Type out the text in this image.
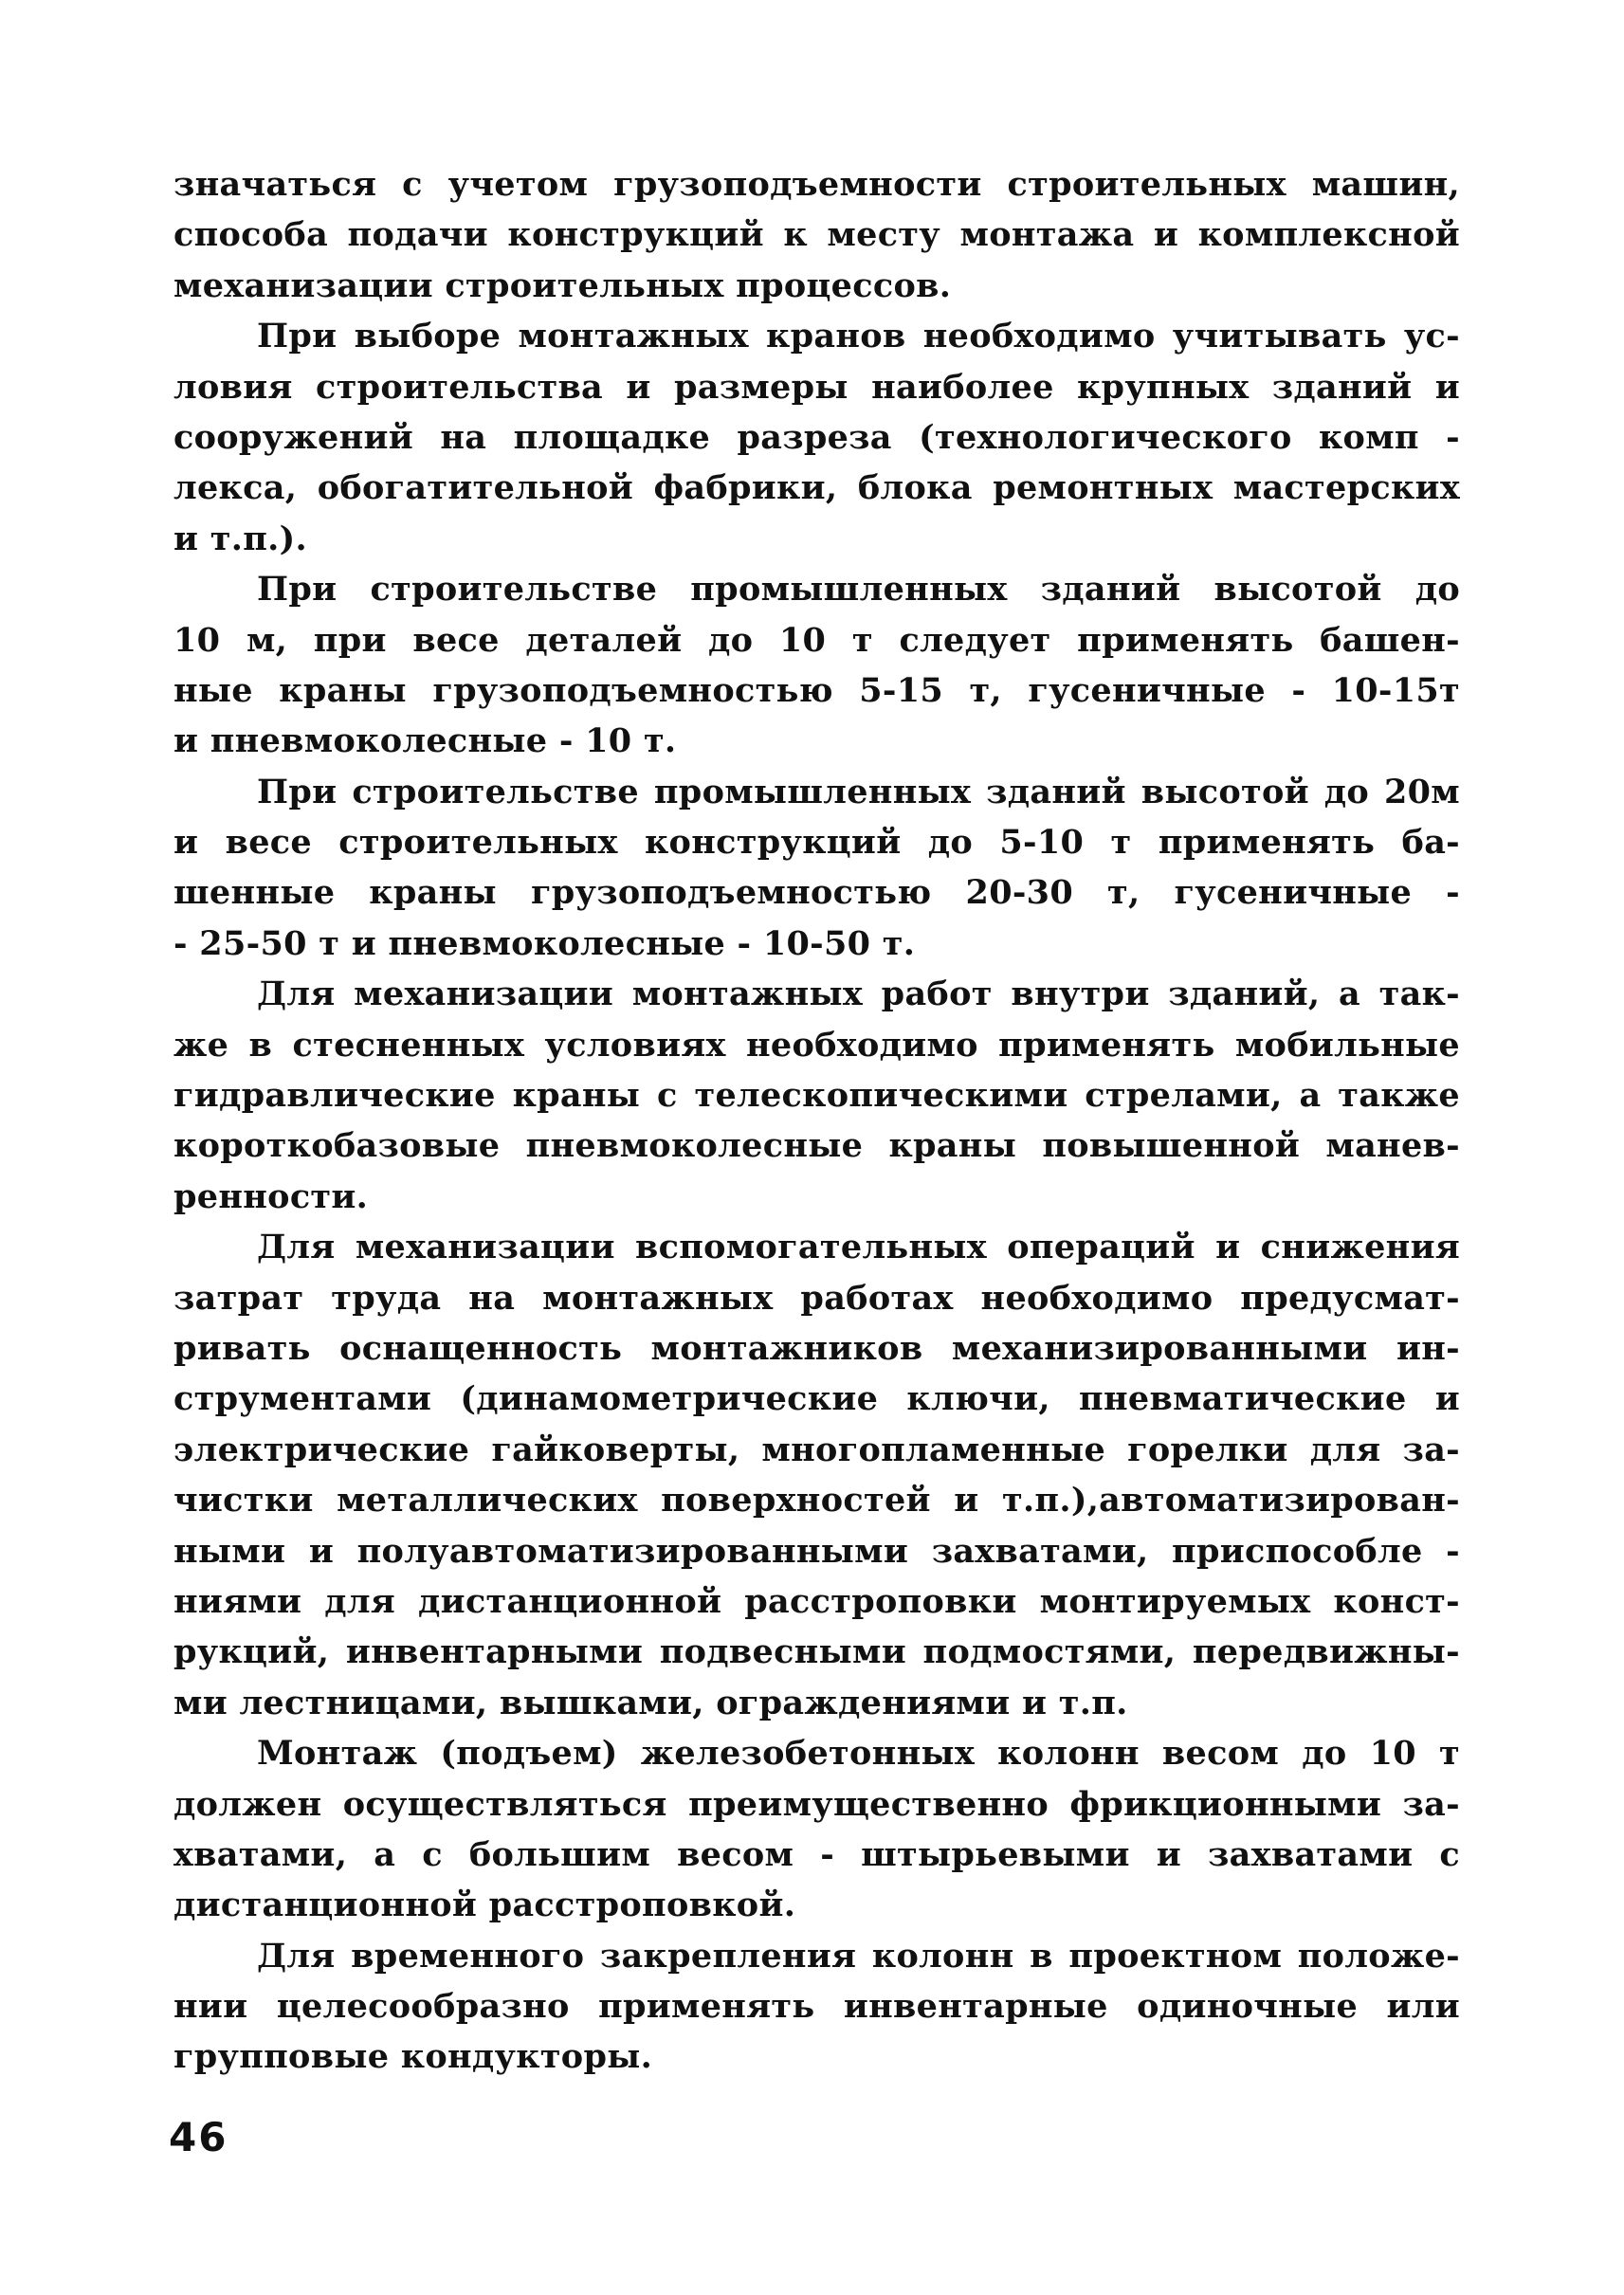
значаться с учетом грузоподъемности строительных машин,
способа подачи конструкций к месту монтажа и комплексной
механизации строительных процессов.
При выборе монтажных кранов необходимо учитывать ус-
ловия строительства и размеры наиболее крупных зданий и
сооружений на площадке разреза (технологического комп -
лекса, обогатительной фабрики, блока ремонтных мастерских
и т.п.).
При строительстве промышленных зданий высотой до
10 м, при весе деталей до 10 т следует применять башен-
ные краны грузоподъемностью 5-15 т, гусеничные - 10-15т
и пневмоколесные - 10 т.
При строительстве промышленных зданий высотой до 20м
и весе строительных конструкций до 5-10 т применять ба-
шенные краны грузоподъемностью 20-30 т, гусеничные -
- 25-50 т и пневмоколесные - 10-50 т.
Для механизации монтажных работ внутри зданий, а так-
же в стесненных условиях необходимо применять мобильные
гидравлические краны с телескопическими стрелами, а также
короткобазовые пневмоколесные краны повышенной манев-
ренности.
Для механизации вспомогательных операций и снижения
затрат труда на монтажных работах необходимо предусмат-
ривать оснащенность монтажников механизированными ин-
струментами (динамометрические ключи, пневматические и
электрические гайковерты, многопламенные горелки для за-
чистки металлических поверхностей и т.п.),автоматизирован-
ными и полуавтоматизированными захватами, приспособле -
ниями для дистанционной расстроповки монтируемых конст-
рукций, инвентарными подвесными подмостями, передвижны-
ми лестницами, вышками, ограждениями и т.п.
Монтаж (подъем) железобетонных колонн весом до 10 т
должен осуществляться преимущественно фрикционными за-
хватами, а с большим весом - штырьевыми и захватами с
дистанционной расстроповкой.
Для временного закрепления колонн в проектном положе-
нии целесообразно применять инвентарные одиночные или
групповые кондукторы.
46
